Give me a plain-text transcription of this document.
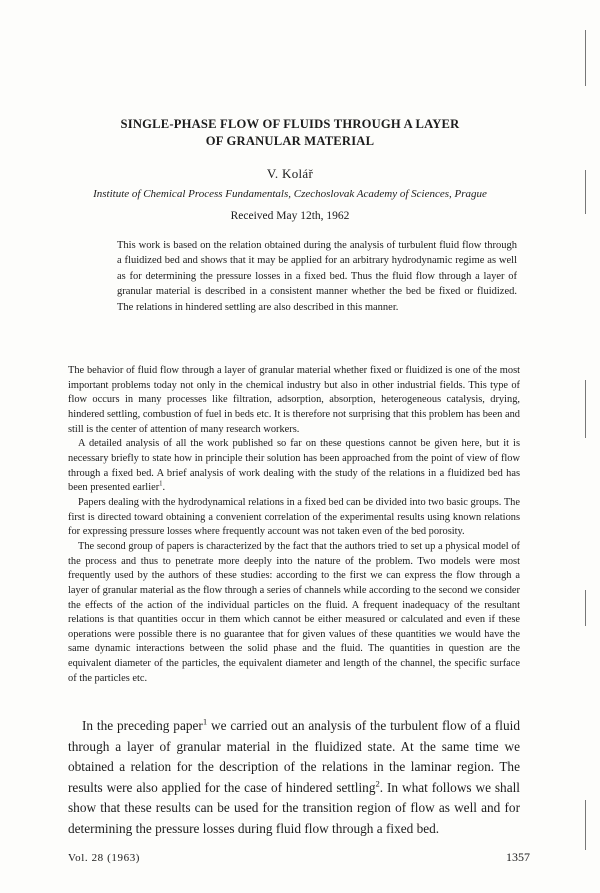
SINGLE-PHASE FLOW OF FLUIDS THROUGH A LAYER
OF GRANULAR MATERIAL

V. Kolář

Institute of Chemical Process Fundamentals, Czechoslovak Academy of Sciences, Prague

Received May 12th, 1962

This work is based on the relation obtained during the analysis of turbulent fluid flow through a fluidized bed and shows that it may be applied for an arbitrary hydrodynamic regime as well as for determining the pressure losses in a fixed bed. Thus the fluid flow through a layer of granular material is described in a consistent manner whether the bed be fixed or fluidized. The relations in hindered settling are also described in this manner.

The behavior of fluid flow through a layer of granular material whether fixed or fluidized is one of the most important problems today not only in the chemical industry but also in other industrial fields. This type of flow occurs in many processes like filtration, adsorption, absorption, heterogeneous catalysis, drying, hindered settling, combustion of fuel in beds etc. It is therefore not surprising that this problem has been and still is the center of attention of many research workers.

A detailed analysis of all the work published so far on these questions cannot be given here, but it is necessary briefly to state how in principle their solution has been approached from the point of view of flow through a fixed bed. A brief analysis of work dealing with the study of the relations in a fluidized bed has been presented earlier$^1$.

Papers dealing with the hydrodynamical relations in a fixed bed can be divided into two basic groups. The first is directed toward obtaining a convenient correlation of the experimental results using known relations for expressing pressure losses where frequently account was not taken even of the bed porosity.

The second group of papers is characterized by the fact that the authors tried to set up a physical model of the process and thus to penetrate more deeply into the nature of the problem. Two models were most frequently used by the authors of these studies: according to the first we can express the flow through a layer of granular material as the flow through a series of channels while according to the second we consider the effects of the action of the individual particles on the fluid. A frequent inadequacy of the resultant relations is that quantities occur in them which cannot be either measured or calculated and even if these operations were possible there is no guarantee that for given values of these quantities we would have the same dynamic interactions between the solid phase and the fluid. The quantities in question are the equivalent diameter of the particles, the equivalent diameter and length of the channel, the specific surface of the particles etc.

In the preceding paper$^1$ we carried out an analysis of the turbulent flow of a fluid through a layer of granular material in the fluidized state. At the same time we obtained a relation for the description of the relations in the laminar region. The results were also applied for the case of hindered settling$^2$. In what follows we shall show that these results can be used for the transition region of flow as well and for determining the pressure losses during fluid flow through a fixed bed.

Vol. 28 (1963)	1357
